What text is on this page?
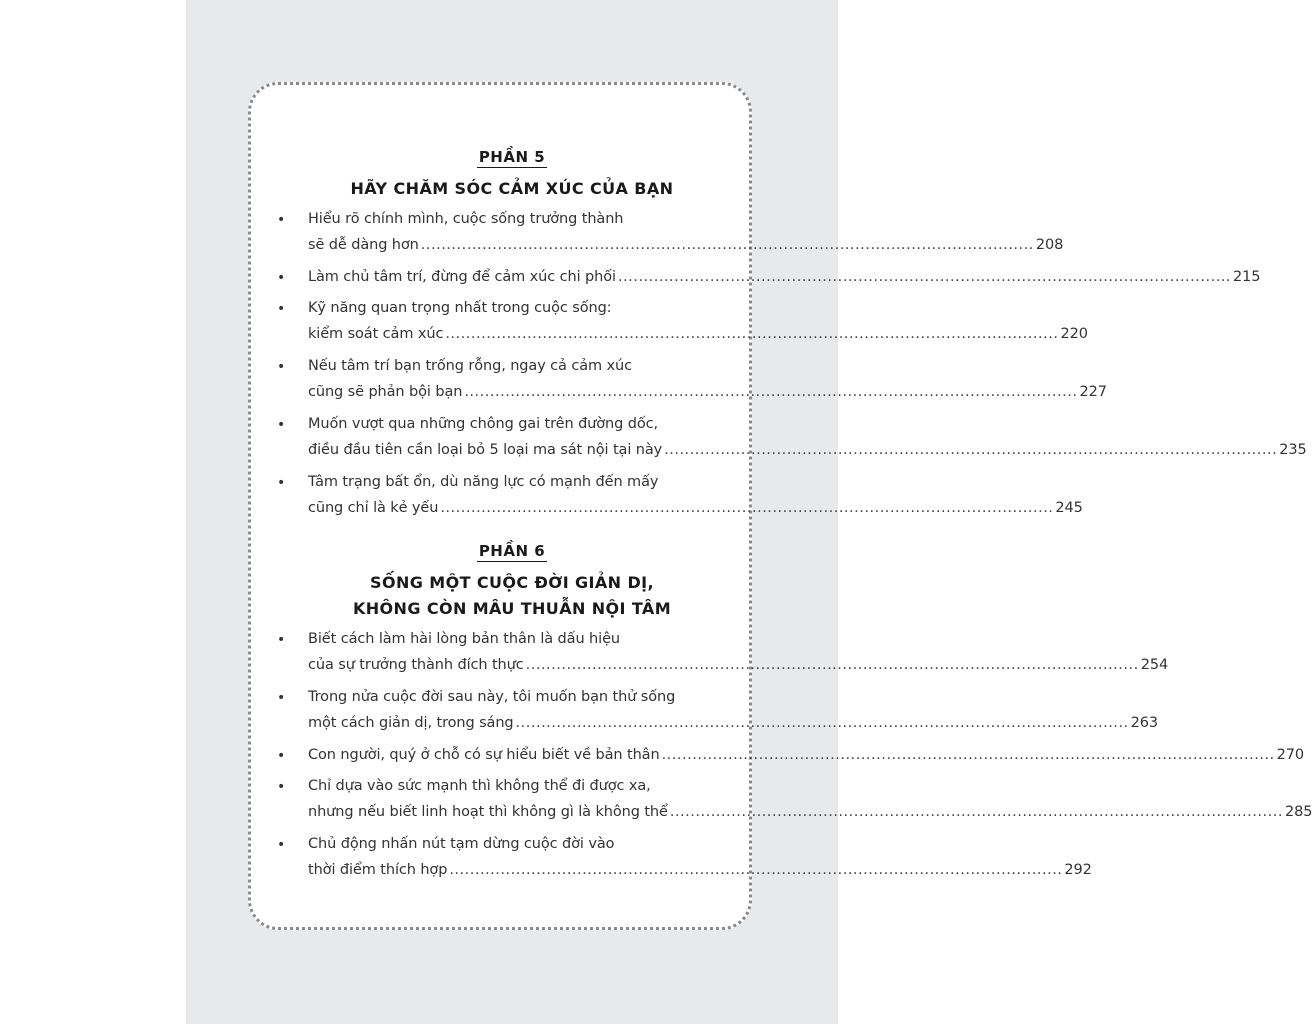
PHẦN 5
HÃY CHĂM SÓC CẢM XÚC CỦA BẠN
• Hiểu rõ chính mình, cuộc sống trưởng thành
sẽ dễ dàng hơn ........................................................................................................................ 208
• Làm chủ tâm trí, đừng để cảm xúc chi phối ........................................................................................................................ 215
• Kỹ năng quan trọng nhất trong cuộc sống:
kiểm soát cảm xúc ........................................................................................................................ 220
• Nếu tâm trí bạn trống rỗng, ngay cả cảm xúc
cũng sẽ phản bội bạn ........................................................................................................................ 227
• Muốn vượt qua những chông gai trên đường dốc,
điều đầu tiên cần loại bỏ 5 loại ma sát nội tại này ........................................................................................................................ 235
• Tâm trạng bất ổn, dù năng lực có mạnh đến mấy
cũng chỉ là kẻ yếu ........................................................................................................................ 245
PHẦN 6
SỐNG MỘT CUỘC ĐỜI GIẢN DỊ,
KHÔNG CÒN MÂU THUẪN NỘI TÂM
• Biết cách làm hài lòng bản thân là dấu hiệu
của sự trưởng thành đích thực ........................................................................................................................ 254
• Trong nửa cuộc đời sau này, tôi muốn bạn thử sống
một cách giản dị, trong sáng ........................................................................................................................ 263
• Con người, quý ở chỗ có sự hiểu biết về bản thân ........................................................................................................................ 270
• Chỉ dựa vào sức mạnh thì không thể đi được xa,
nhưng nếu biết linh hoạt thì không gì là không thể ........................................................................................................................ 285
• Chủ động nhấn nút tạm dừng cuộc đời vào
thời điểm thích hợp ........................................................................................................................ 292
